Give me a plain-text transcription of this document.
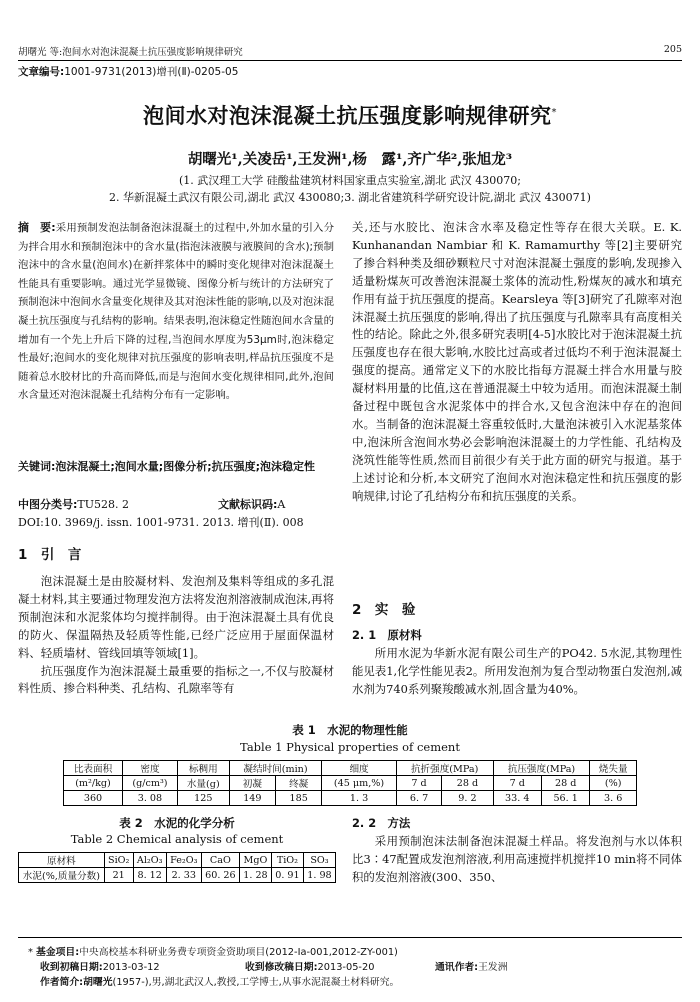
胡曙光 等:泡间水对泡沫混凝土抗压强度影响规律研究	205
文章编号:1001-9731(2013)增刊(Ⅱ)-0205-05
泡间水对泡沫混凝土抗压强度影响规律研究*
胡曙光¹,关凌岳¹,王发洲¹,杨　露¹,齐广华²,张旭龙³
(1. 武汉理工大学 硅酸盐建筑材料国家重点实验室,湖北 武汉 430070;
2. 华新混凝土武汉有限公司,湖北 武汉 430080;3. 湖北省建筑科学研究设计院,湖北 武汉 430071)
摘　要:采用预制发泡法制备泡沫混凝土的过程中,外加水量的引入分为拌合用水和预制泡沫中的含水量(指泡沫液膜与液膜间的含水);预制泡沫中的含水量(泡间水)在新拌浆体中的瞬时变化规律对泡沫混凝土性能具有重要影响。通过光学显微镜、图像分析与统计的方法研究了预制泡沫中泡间水含量变化规律及其对泡沫性能的影响,以及对泡沫混凝土抗压强度与孔结构的影响。结果表明,泡沫稳定性随泡间水含量的增加有一个先上升后下降的过程,当泡间水厚度为53μm时,泡沫稳定性最好;泡间水的变化规律对抗压强度的影响表明,样品抗压强度不是随着总水胶材比的升高而降低,而是与泡间水变化规律相同,此外,泡间水含量还对泡沫混凝土孔结构分布有一定影响。
关键词:泡沫混凝土;泡间水量;图像分析;抗压强度;泡沫稳定性
中图分类号:TU528. 2	文献标识码:A
DOI:10. 3969/j. issn. 1001-9731. 2013. 增刊(Ⅱ). 008
1　引　言

泡沫混凝土是由胶凝材料、发泡剂及集料等组成的多孔混凝土材料,其主要通过物理发泡方法将发泡剂溶液制成泡沫,再将预制泡沫和水泥浆体均匀搅拌制得。由于泡沫混凝土具有优良的防火、保温隔热及轻质等性能,已经广泛应用于屋面保温材料、轻质墙材、管线回填等领域[1]。

抗压强度作为泡沫混凝土最重要的指标之一,不仅与胶凝材料性质、掺合料种类、孔结构、孔隙率等有

关,还与水胶比、泡沫含水率及稳定性等存在很大关联。E. K. Kunhanandan Nambiar 和 K. Ramamurthy 等[2]主要研究了掺合料种类及细砂颗粒尺寸对泡沫混凝土强度的影响,发现掺入适量粉煤灰可改善泡沫混凝土浆体的流动性,粉煤灰的减水和填充作用有益于抗压强度的提高。Kearsleya 等[3]研究了孔隙率对泡沫混凝土抗压强度的影响,得出了抗压强度与孔隙率具有高度相关性的结论。除此之外,很多研究表明[4-5]水胶比对于泡沫混凝土抗压强度也存在很大影响,水胶比过高或者过低均不利于泡沫混凝土强度的提高。通常定义下的水胶比指每方混凝土拌合水用量与胶凝材料用量的比值,这在普通混凝土中较为适用。而泡沫混凝土制备过程中既包含水泥浆体中的拌合水,又包含泡沫中存在的泡间水。当制备的泡沫混凝土容重较低时,大量泡沫被引入水泥基浆体中,泡沫所含泡间水势必会影响泡沫混凝土的力学性能、孔结构及浇筑性能等性质,然而目前很少有关于此方面的研究与报道。基于上述讨论和分析,本文研究了泡间水对泡沫稳定性和抗压强度的影响规律,讨论了孔结构分布和抗压强度的关系。

2　实　验
2. 1　原材料

所用水泥为华新水泥有限公司生产的PO42. 5水泥,其物理性能见表1,化学性能见表2。所用发泡剂为复合型动物蛋白发泡剂,减水剂为740系列聚羧酸减水剂,固含量为40%。

表 1　水泥的物理性能
Table 1 Physical properties of cement
比表面积	密度	标稠用	凝结时间(min)		细度	抗折强度(MPa)		抗压强度(MPa)		烧失量
(m²/kg)	(g/cm³)	水量(g)	初凝	终凝	(45 μm,%)	7 d	28 d	7 d	28 d	(%)
360	3. 08	125	149	185	1. 3	6. 7	9. 2	33. 4	56. 1	3. 6
表 2　水泥的化学分析
Table 2 Chemical analysis of cement
原材料	SiO₂	Al₂O₃	Fe₂O₃	CaO	MgO	TiO₂	SO₃
水泥(%,质量分数)	21	8. 12	2. 33	60. 26	1. 28	0. 91	1. 98
2. 2　方法

采用预制泡沫法制备泡沫混凝土样品。将发泡剂与水以体积比3∶47配置成发泡剂溶液,利用高速搅拌机搅拌10 min将不同体积的发泡剂溶液(300、350、

* 基金项目:中央高校基本科研业务费专项资金资助项目(2012-Ia-001,2012-ZY-001)
收到初稿日期:2013-03-12	收到修改稿日期:2013-05-20	通讯作者:王发洲
作者简介:胡曙光(1957-),男,湖北武汉人,教授,工学博士,从事水泥混凝土材料研究。
